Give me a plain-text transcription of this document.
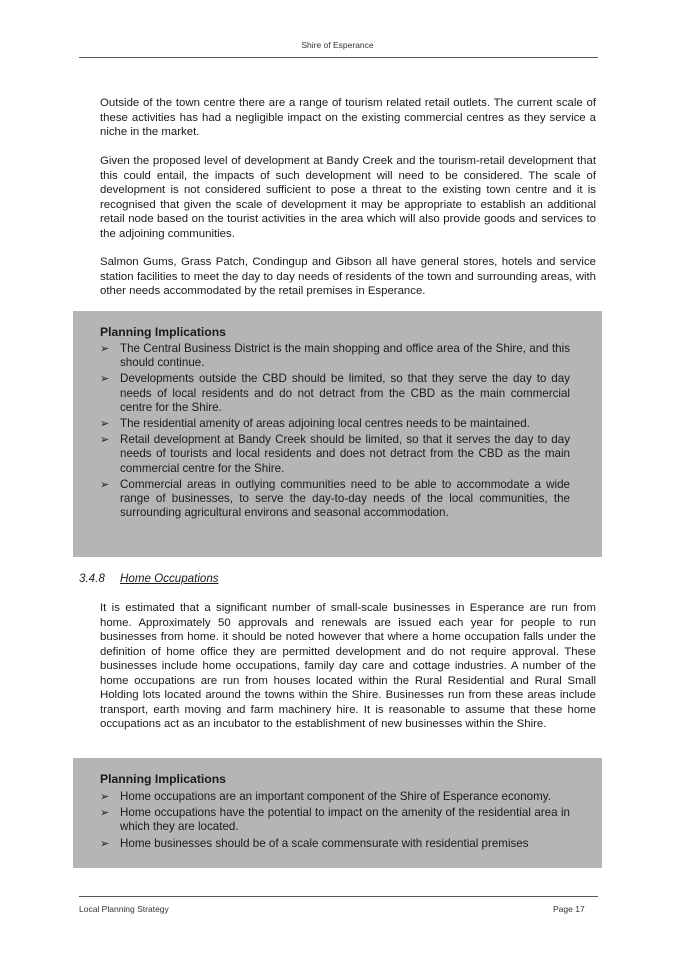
Shire of Esperance

Outside of the town centre there are a range of tourism related retail outlets. The current scale of these activities has had a negligible impact on the existing commercial centres as they service a niche in the market.

Given the proposed level of development at Bandy Creek and the tourism-retail development that this could entail, the impacts of such development will need to be considered. The scale of development is not considered sufficient to pose a threat to the existing town centre and it is recognised that given the scale of development it may be appropriate to establish an additional retail node based on the tourist activities in the area which will also provide goods and services to the adjoining communities.

Salmon Gums, Grass Patch, Condingup and Gibson all have general stores, hotels and service station facilities to meet the day to day needs of residents of the town and surrounding areas, with other needs accommodated by the retail premises in Esperance.

Planning Implications
➢ The Central Business District is the main shopping and office area of the Shire, and this should continue.
➢ Developments outside the CBD should be limited, so that they serve the day to day needs of local residents and do not detract from the CBD as the main commercial centre for the Shire.
➢ The residential amenity of areas adjoining local centres needs to be maintained.
➢ Retail development at Bandy Creek should be limited, so that it serves the day to day needs of tourists and local residents and does not detract from the CBD as the main commercial centre for the Shire.
➢ Commercial areas in outlying communities need to be able to accommodate a wide range of businesses, to serve the day-to-day needs of the local communities, the surrounding agricultural environs and seasonal accommodation.
3.4.8 Home Occupations

It is estimated that a significant number of small-scale businesses in Esperance are run from home. Approximately 50 approvals and renewals are issued each year for people to run businesses from home. it should be noted however that where a home occupation falls under the definition of home office they are permitted development and do not require approval. These businesses include home occupations, family day care and cottage industries. A number of the home occupations are run from houses located within the Rural Residential and Rural Small Holding lots located around the towns within the Shire. Businesses run from these areas include transport, earth moving and farm machinery hire. It is reasonable to assume that these home occupations act as an incubator to the establishment of new businesses within the Shire.

Planning Implications
➢ Home occupations are an important component of the Shire of Esperance economy.
➢ Home occupations have the potential to impact on the amenity of the residential area in which they are located.
➢ Home businesses should be of a scale commensurate with residential premises
Local Planning Strategy	Page 17
